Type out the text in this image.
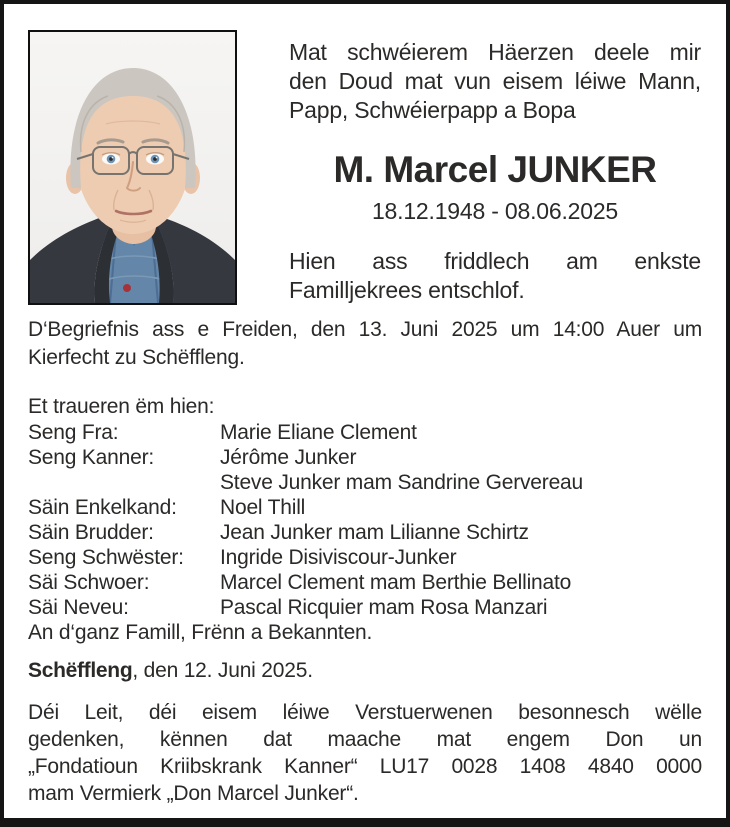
Mat schwéierem Häerzen deele mir
den Doud mat vun eisem léiwe Mann,
Papp, Schwéierpapp a Bopa
M. Marcel JUNKER
18.12.1948 - 08.06.2025
Hien ass friddlech am enkste
Familljekrees entschlof.
D‘Begriefnis ass e Freiden, den 13. Juni 2025 um 14:00 Auer um
Kierfecht zu Schëffleng.
Et traueren ëm hien:
Seng Fra:	Marie Eliane Clement
Seng Kanner:	Jérôme Junker
Steve Junker mam Sandrine Gervereau
Säin Enkelkand:	Noel Thill
Säin Brudder:	Jean Junker mam Lilianne Schirtz
Seng Schwëster:	Ingride Disiviscour-Junker
Säi Schwoer:	Marcel Clement mam Berthie Bellinato
Säi Neveu:	Pascal Ricquier mam Rosa Manzari
An d‘ganz Famill, Frënn a Bekannten.
Schëffleng, den 12. Juni 2025.
Déi Leit, déi eisem léiwe Verstuerwenen besonnesch wëlle
gedenken, kënnen dat maache mat engem Don un
„Fondatioun Kriibskrank Kanner“ LU17 0028 1408 4840 0000
mam Vermierk „Don Marcel Junker“.
